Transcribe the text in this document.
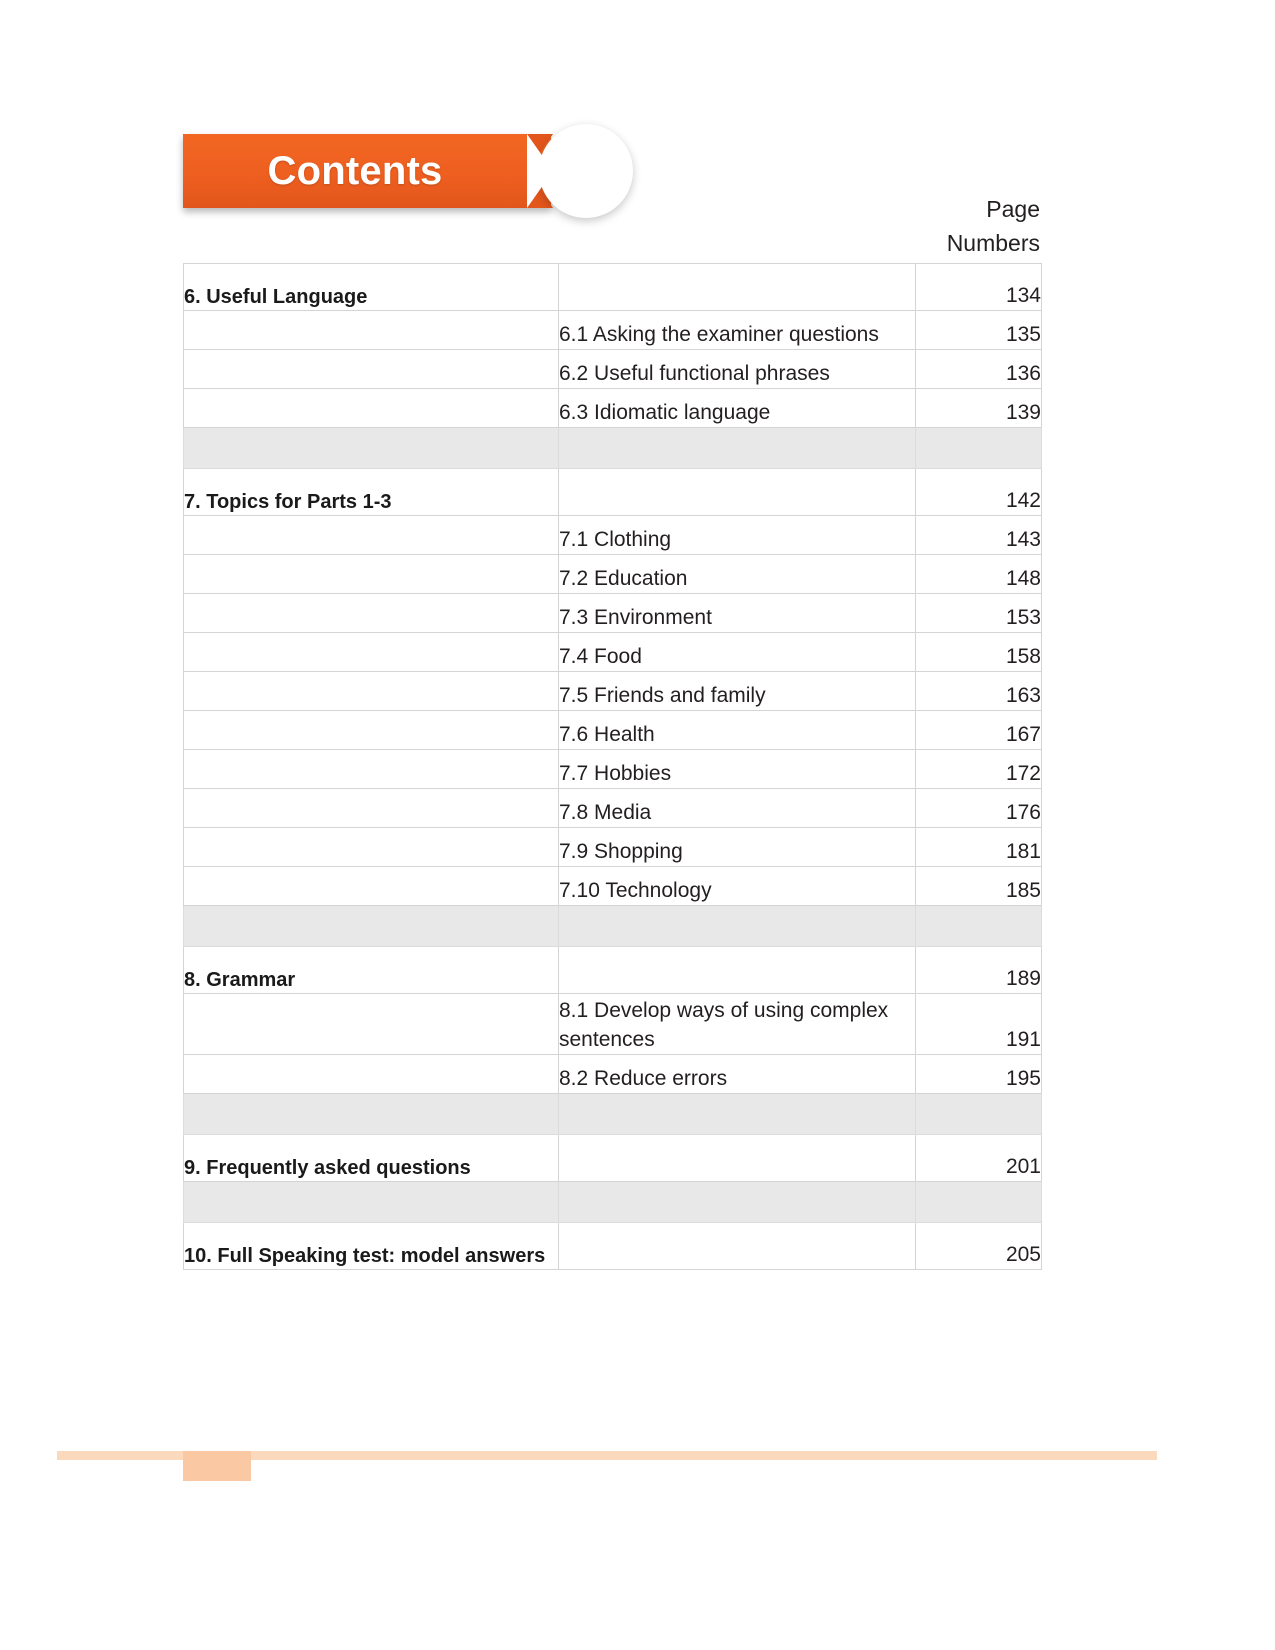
Contents
Page
Numbers
6. Useful Language		134
	6.1 Asking the examiner questions	135
	6.2 Useful functional phrases	136
	6.3 Idiomatic language	139

7. Topics for Parts 1-3		142
	7.1 Clothing	143
	7.2 Education	148
	7.3 Environment	153
	7.4 Food	158
	7.5 Friends and family	163
	7.6 Health	167
	7.7 Hobbies	172
	7.8 Media	176
	7.9 Shopping	181
	7.10 Technology	185

8. Grammar		189
	8.1 Develop ways of using complex sentences	191
	8.2 Reduce errors	195

9. Frequently asked questions		201

10. Full Speaking test: model answers		205
